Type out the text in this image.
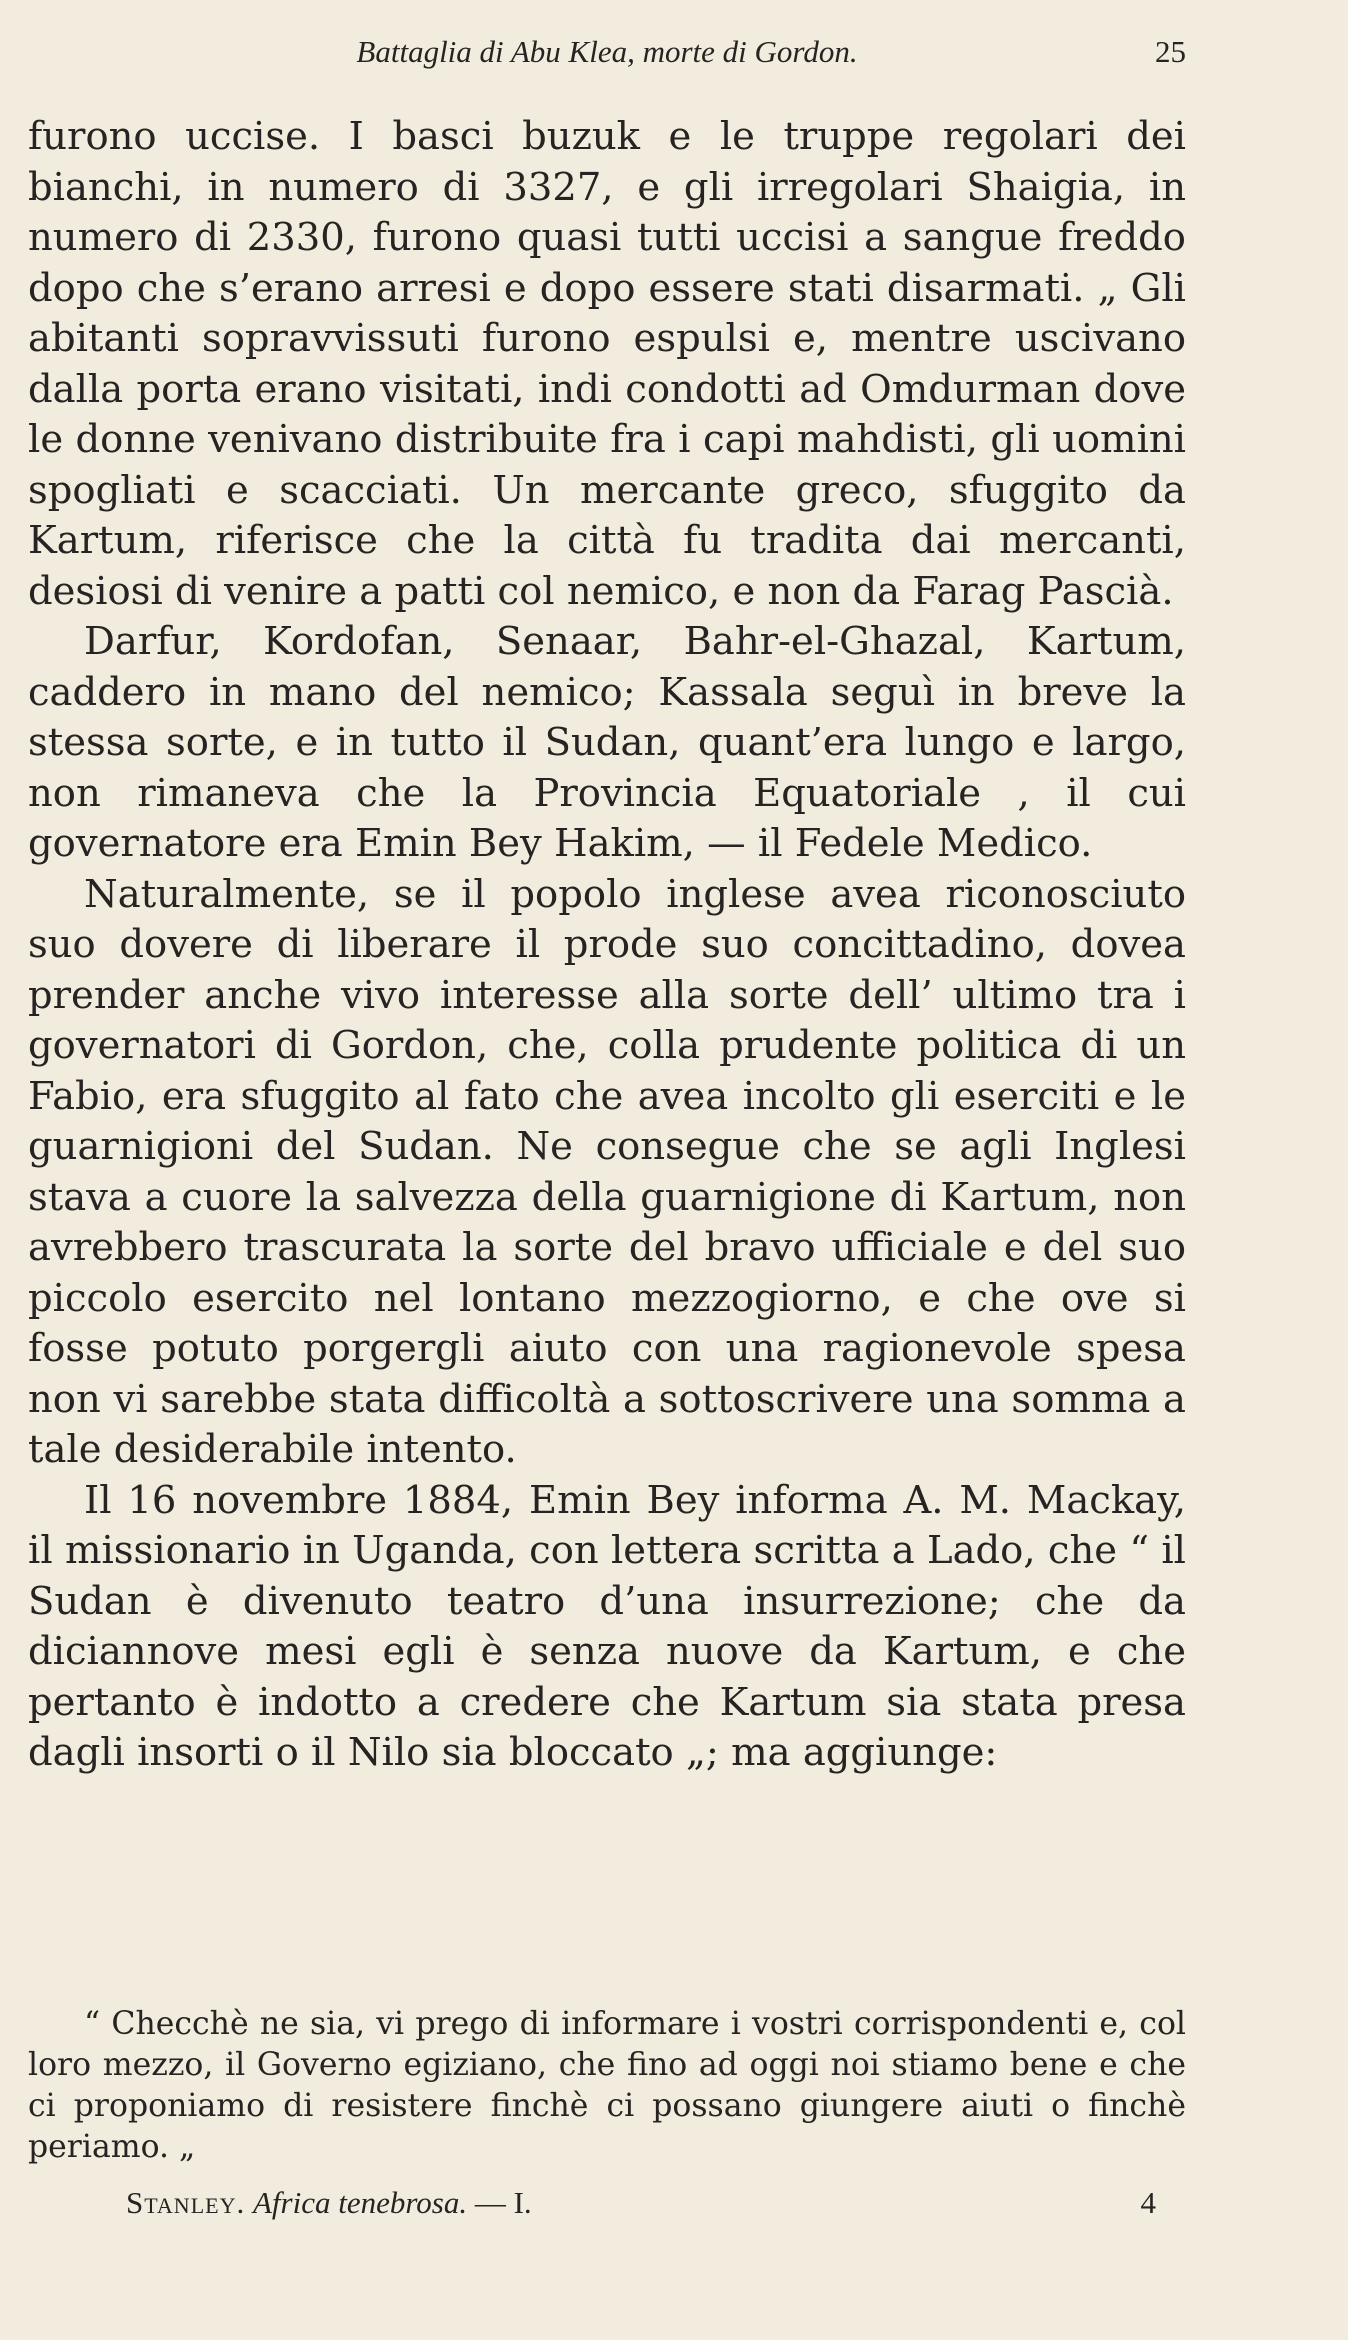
Battaglia di Abu Klea, morte di Gordon.	25

furono uccise. I basci buzuk e le truppe regolari dei bianchi, in numero di 3327, e gli irregolari Shaigia, in numero di 2330, furono quasi tutti uccisi a sangue freddo dopo che s’erano arresi e dopo essere stati disarmati. „ Gli abitanti sopravvissuti furono espulsi e, mentre uscivano dalla porta erano visitati, indi condotti ad Omdurman dove le donne venivano distribuite fra i capi mahdisti, gli uomini spogliati e scacciati. Un mercante greco, sfuggito da Kartum, riferisce che la città fu tradita dai mercanti, desiosi di venire a patti col nemico, e non da Farag Pascià.

Darfur, Kordofan, Senaar, Bahr-el-Ghazal, Kartum, caddero in mano del nemico; Kassala seguì in breve la stessa sorte, e in tutto il Sudan, quant’era lungo e largo, non rimaneva che la Provincia Equatoriale , il cui governatore era Emin Bey Hakim, — il Fedele Medico.

Naturalmente, se il popolo inglese avea riconosciuto suo dovere di liberare il prode suo concittadino, dovea prender anche vivo interesse alla sorte dell’ ultimo tra i governatori di Gordon, che, colla prudente politica di un Fabio, era sfuggito al fato che avea incolto gli eserciti e le guarnigioni del Sudan. Ne consegue che se agli Inglesi stava a cuore la salvezza della guarnigione di Kartum, non avrebbero trascurata la sorte del bravo ufficiale e del suo piccolo esercito nel lontano mezzogiorno, e che ove si fosse potuto porgergli aiuto con una ragionevole spesa non vi sarebbe stata difficoltà a sottoscrivere una somma a tale desiderabile intento.

Il 16 novembre 1884, Emin Bey informa A. M. Mackay, il missionario in Uganda, con lettera scritta a Lado, che “ il Sudan è divenuto teatro d’una insurrezione; che da diciannove mesi egli è senza nuove da Kartum, e che pertanto è indotto a credere che Kartum sia stata presa dagli insorti o il Nilo sia bloccato „; ma aggiunge:

“ Checchè ne sia, vi prego di informare i vostri corrispondenti e, col loro mezzo, il Governo egiziano, che fino ad oggi noi stiamo bene e che ci proponiamo di resistere finchè ci possano giungere aiuti o finchè periamo. „

Stanley. Africa tenebrosa. — I.	4
